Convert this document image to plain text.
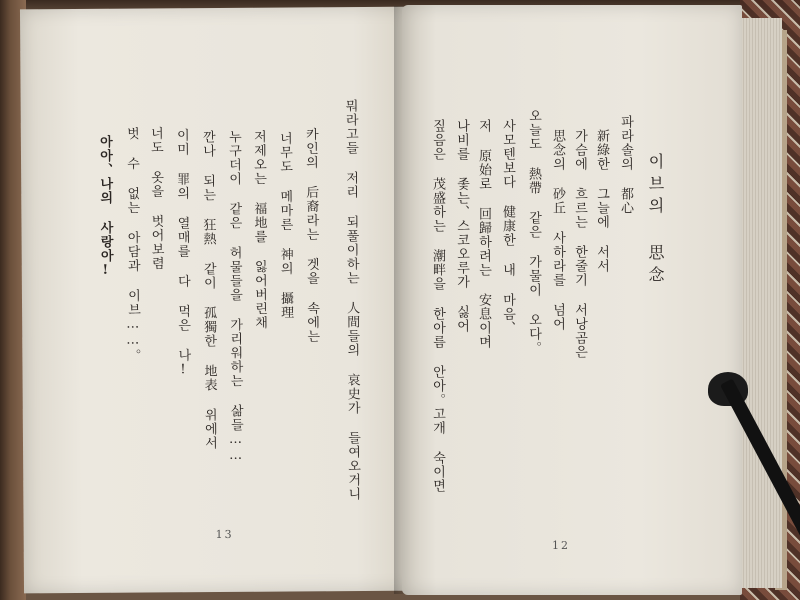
뭐라고들 저리 되풀이하는 人間들의 哀史가 들여오거니
카인의 后裔라는 겟을 속에는
너무도 메마른 神의 攝理
저제오는 福地를 잃어버린채
누구더이 같은 허물들을 가리워하는 삶들……
깐나 되는 狂熱 같이 孤獨한 地表 위에서
이미 罪의 열매를 다 먹은 나!
너도 옷을 벗어보렴
벗 수 없는 아담과 이브……。
아아、나의 사랑아!
13
이브의 思念
파라솔의 都心
新綠한 그늘에 서서
가슴에 흐르는 한줄기 서낭곰은
思念의 砂丘 사하라를 넘어
오늘도 熱帶 같은 가물이 오다。
사모텐보다 健康한 내 마음、
저 原始로 回歸하려는 安息이며
나비를 좇는、스코오루가 싫어
짚음은 茂盛하는 潮畔을 한아름 안아。고개 숙이면
12
